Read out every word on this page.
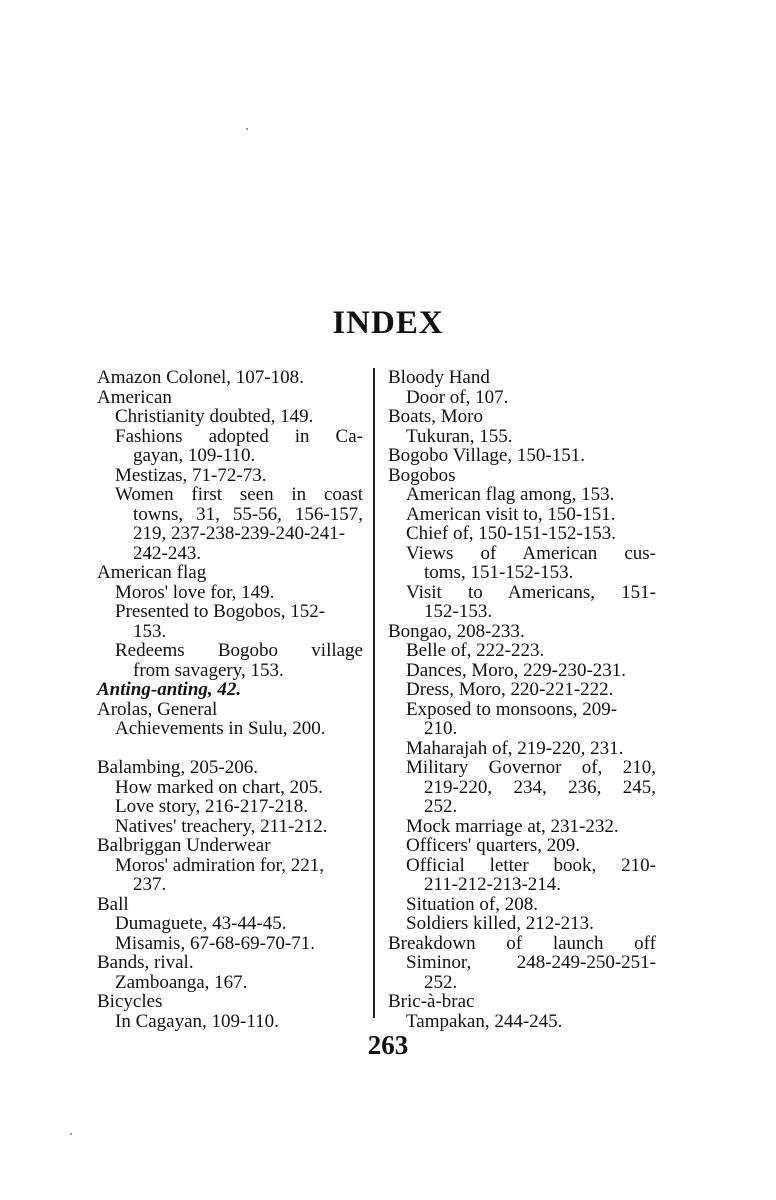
INDEX
Amazon Colonel, 107-108.
American
Christianity doubted, 149.
Fashions adopted in Ca-
gayan, 109-110.
Mestizas, 71-72-73.
Women first seen in coast
towns, 31, 55-56, 156-157,
219, 237-238-239-240-241-
242-243.
American flag
Moros' love for, 149.
Presented to Bogobos, 152-
153.
Redeems Bogobo village
from savagery, 153.
Anting-anting, 42.
Arolas, General
Achievements in Sulu, 200.
Balambing, 205-206.
How marked on chart, 205.
Love story, 216-217-218.
Natives' treachery, 211-212.
Balbriggan Underwear
Moros' admiration for, 221,
237.
Ball
Dumaguete, 43-44-45.
Misamis, 67-68-69-70-71.
Bands, rival.
Zamboanga, 167.
Bicycles
In Cagayan, 109-110.
Bloody Hand
Door of, 107.
Boats, Moro
Tukuran, 155.
Bogobo Village, 150-151.
Bogobos
American flag among, 153.
American visit to, 150-151.
Chief of, 150-151-152-153.
Views of American cus-
toms, 151-152-153.
Visit to Americans, 151-
152-153.
Bongao, 208-233.
Belle of, 222-223.
Dances, Moro, 229-230-231.
Dress, Moro, 220-221-222.
Exposed to monsoons, 209-
210.
Maharajah of, 219-220, 231.
Military Governor of, 210,
219-220, 234, 236, 245,
252.
Mock marriage at, 231-232.
Officers' quarters, 209.
Official letter book, 210-
211-212-213-214.
Situation of, 208.
Soldiers killed, 212-213.
Breakdown of launch off
Siminor, 248-249-250-251-
252.
Bric-à-brac
Tampakan, 244-245.
263
